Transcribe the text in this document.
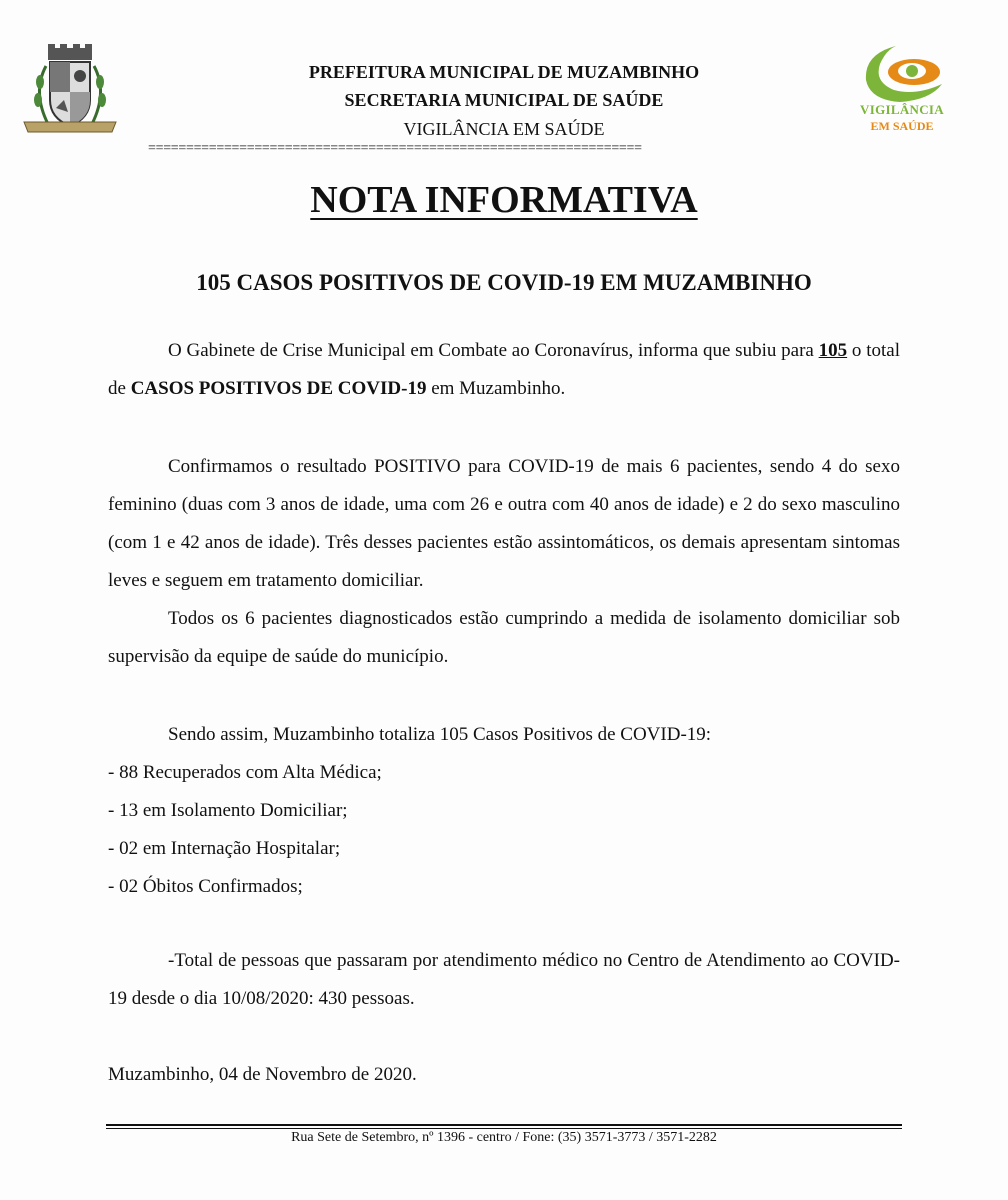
VIGILÂNCIA
EM SAÚDE
PREFEITURA MUNICIPAL DE MUZAMBINHO
SECRETARIA MUNICIPAL DE SAÚDE
VIGILÂNCIA EM SAÚDE
=================================================================
NOTA INFORMATIVA
105 CASOS POSITIVOS DE COVID-19 EM MUZAMBINHO
O Gabinete de Crise Municipal em Combate ao Coronavírus, informa que subiu para 105 o total de CASOS POSITIVOS DE COVID-19 em Muzambinho.
Confirmamos o resultado POSITIVO para COVID-19 de mais 6 pacientes, sendo 4 do sexo feminino (duas com 3 anos de idade, uma com 26 e outra com 40 anos de idade) e 2 do sexo masculino (com 1 e 42 anos de idade). Três desses pacientes estão assintomáticos, os demais apresentam sintomas leves e seguem em tratamento domiciliar.
Todos os 6 pacientes diagnosticados estão cumprindo a medida de isolamento domiciliar sob supervisão da equipe de saúde do município.
Sendo assim, Muzambinho totaliza 105 Casos Positivos de COVID-19:
- 88 Recuperados com Alta Médica;
- 13 em Isolamento Domiciliar;
- 02 em Internação Hospitalar;
- 02 Óbitos Confirmados;
-Total de pessoas que passaram por atendimento médico no Centro de Atendimento ao COVID-19 desde o dia 10/08/2020: 430 pessoas.
Muzambinho, 04 de Novembro de 2020.
Rua Sete de Setembro, nº 1396 - centro / Fone: (35) 3571-3773 / 3571-2282
